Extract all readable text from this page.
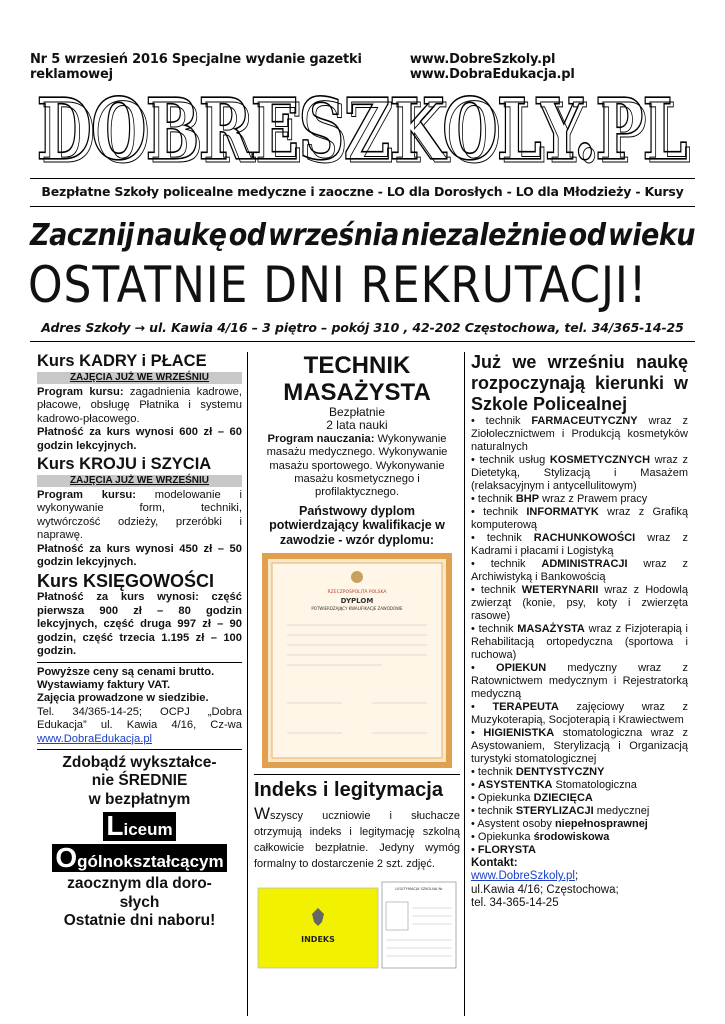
Nr 5 wrzesień 2016 Specjalne wydanie gazetki reklamowej
www.DobreSzkoly.pl www.DobraEdukacja.pl
DOBRESZKOLY.PL
DOBRESZKOLY.PL
Bezpłatne Szkoły policealne medyczne i zaoczne - LO dla Dorosłych - LO dla Młodzieży - Kursy
Zacznij naukę od września niezależnie od wieku
OSTATNIE DNI REKRUTACJI!
Adres Szkoły → ul. Kawia 4/16 – 3 piętro – pokój 310 , 42-202 Częstochowa, tel. 34/365-14-25
Kurs KADRY i PŁACE
ZAJĘCIA JUŻ WE WRZEŚNIU
Program kursu: zagadnienia kadrowe, płacowe, obsługę Płatnika i systemu kadrowo-płacowego.
Płatność za kurs wynosi 600 zł – 60 godzin lekcyjnych.
Kurs KROJU i SZYCIA
ZAJĘCIA JUŻ WE WRZEŚNIU
Program kursu: modelowanie i wykonywanie form, techniki, wytwórczość odzieży, przeróbki i naprawę.
Płatność za kurs wynosi 450 zł – 50 godzin lekcyjnych.
Kurs KSIĘGOWOŚCI
Płatność za kurs wynosi: część pierwsza 900 zł – 80 godzin lekcyjnych, część druga 997 zł – 90 godzin, część trzecia 1.195 zł – 100 godzin.
Powyższe ceny są cenami brutto. Wystawiamy faktury VAT.
Zajęcia prowadzone w siedzibie.
Tel. 34/365-14-25; OCPJ „Dobra Edukacja” ul. Kawia 4/16, Cz-wa www.DobraEdukacja.pl
Zdobądź wykształce-
nie ŚREDNIE
w bezpłatnym
Liceum
Ogólnokształcącym
zaocznym dla doro-
słych
Ostatnie dni naboru!
TECHNIK
MASAŻYSTA
Bezpłatnie
2 lata nauki
Program nauczania: Wykonywanie masażu medycznego. Wykonywanie masażu sportowego. Wykonywanie masażu kosmetycznego i profilaktycznego.
Państwowy dyplom potwierdzający kwalifikacje w zawodzie - wzór dyplomu:
RZECZPOSPOLITA POLSKA
DYPLOM
POTWIERDZAJĄCY KWALIFIKACJE ZAWODOWE
Indeks i legitymacja
Wszyscy uczniowie i słuchacze otrzymują indeks i legitymację szkolną całkowicie bezpłatnie. Jedyny wymóg formalny to dostarczenie 2 szt. zdjęć.
INDEKS
LEGITYMACJA SZKOLNA Nr
Już we wrześniu naukę rozpoczynają kierunki w Szkole Policealnej
• technik FARMACEUTYCZNY wraz z Ziołolecznictwem i Produkcją kosmetyków naturalnych
• technik usług KOSMETYCZNYCH wraz z Dietetyką, Stylizacją i Masażem (relaksacyjnym i antycellulitowym)
• technik BHP wraz z Prawem pracy
• technik INFORMATYK wraz z Grafiką komputerową
• technik RACHUNKOWOŚCI wraz z Kadrami i płacami i Logistyką
• technik ADMINISTRACJI wraz z Archiwistyką i Bankowością
• technik WETERYNARII wraz z Hodowlą zwierząt (konie, psy, koty i zwierzęta rasowe)
• technik MASAŻYSTA wraz z Fizjoterapią i Rehabilitacją ortopedyczna (sportowa i ruchowa)
• OPIEKUN medyczny wraz z Ratownictwem medycznym i Rejestratorką medyczną
• TERAPEUTA zajęciowy wraz z Muzykoterapią, Socjoterapią i Krawiectwem
• HIGIENISTKA stomatologiczna wraz z Asystowaniem, Sterylizacją i Organizacją turystyki stomatologicznej
• technik DENTYSTYCZNY
• ASYSTENTKA Stomatologiczna
• Opiekunka DZIECIĘCA
• technik STERYLIZACJI medycznej
• Asystent osoby niepełnosprawnej
• Opiekunka środowiskowa
• FLORYSTA
Kontakt:
www.DobreSzkoly.pl;
ul.Kawia 4/16; Częstochowa;
tel. 34-365-14-25
